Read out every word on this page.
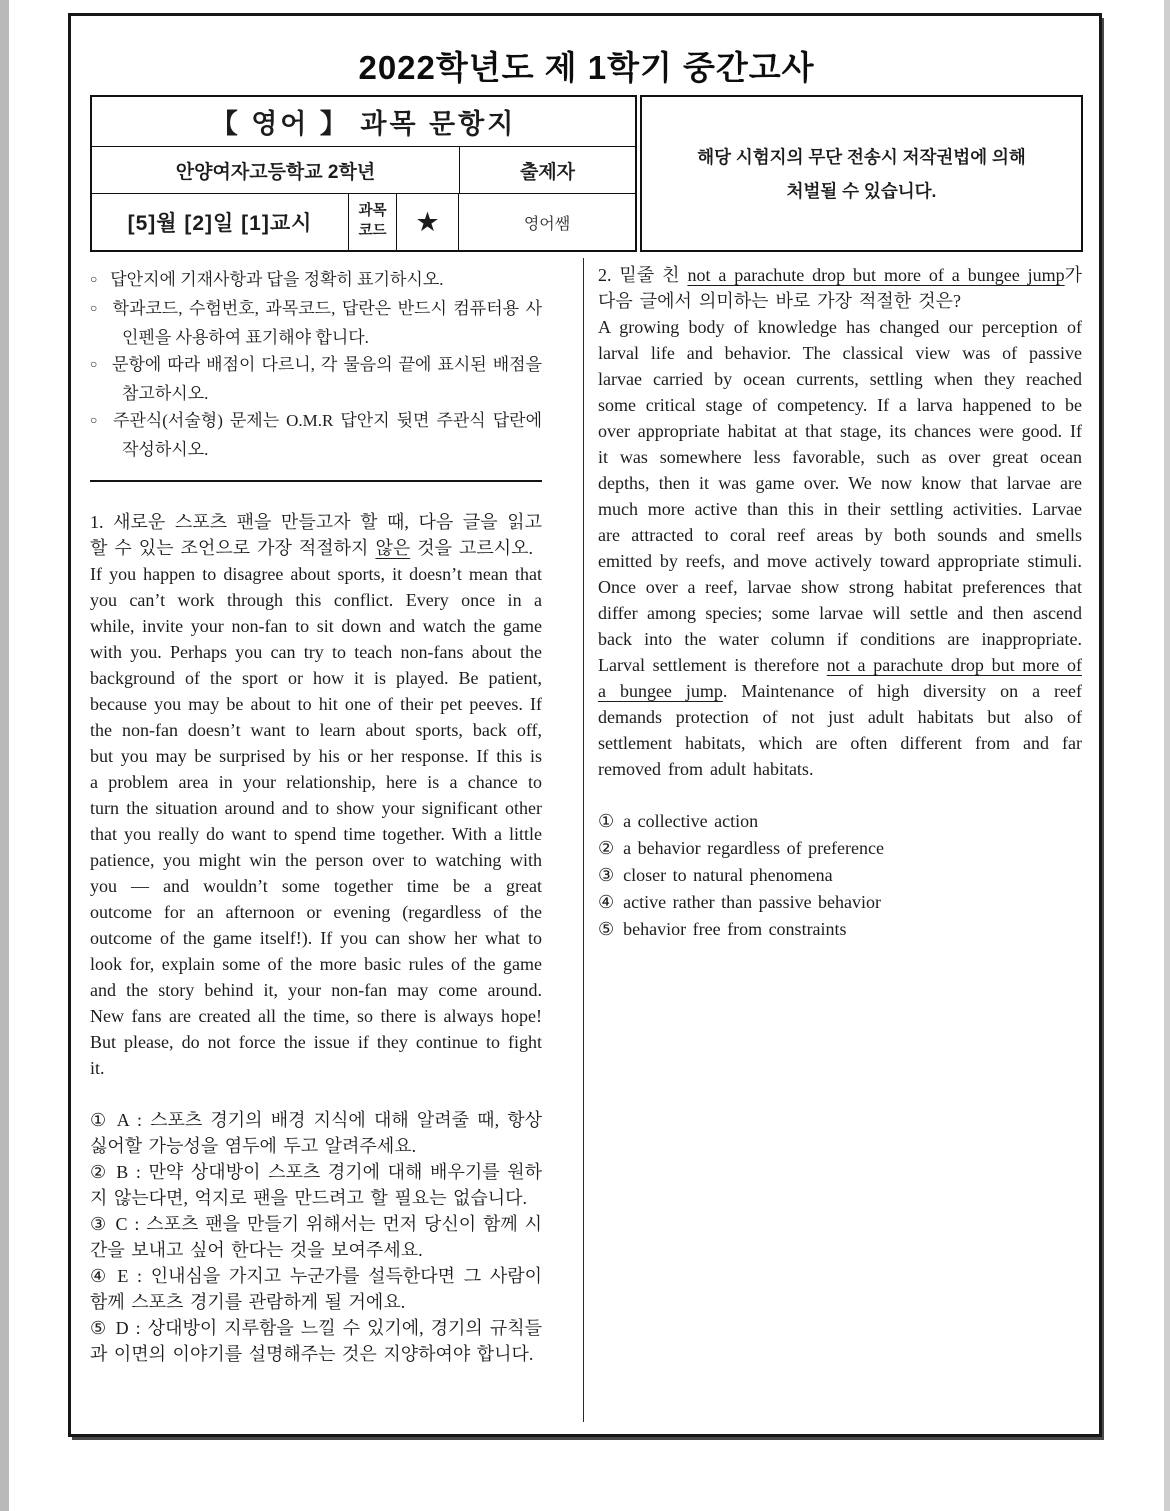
2022학년도 제 1학기 중간고사
【 영어 】 과목 문항지
안양여자고등학교 2학년	출제자
[5]월 [2]일 [1]교시
과목
코드 ★	영어쌤
해당 시험지의 무단 전송시 저작권법에 의해
처벌될 수 있습니다.
○ 답안지에 기재사항과 답을 정확히 표기하시오.
○ 학과코드, 수험번호, 과목코드, 답란은 반드시 컴퓨터용 사인펜을 사용하여 표기해야 합니다.
○ 문항에 따라 배점이 다르니, 각 물음의 끝에 표시된 배점을 참고하시오.
○ 주관식(서술형) 문제는 O.M.R 답안지 뒷면 주관식 답란에 작성하시오.

1. 새로운 스포츠 팬을 만들고자 할 때, 다음 글을 읽고 할 수 있는 조언으로 가장 적절하지 않은 것을 고르시오.

If you happen to disagree about sports, it doesn’t mean that you can’t work through this conflict. Every once in a while, invite your non-fan to sit down and watch the game with you. Perhaps you can try to teach non-fans about the background of the sport or how it is played. Be patient, because you may be about to hit one of their pet peeves. If the non-fan doesn’t want to learn about sports, back off, but you may be surprised by his or her response. If this is a problem area in your relationship, here is a chance to turn the situation around and to show your significant other that you really do want to spend time together. With a little patience, you might win the person over to watching with you — and wouldn’t some together time be a great outcome for an afternoon or evening (regardless of the outcome of the game itself!). If you can show her what to look for, explain some of the more basic rules of the game and the story behind it, your non-fan may come around. New fans are created all the time, so there is always hope! But please, do not force the issue if they continue to fight it.

① A : 스포츠 경기의 배경 지식에 대해 알려줄 때, 항상 싫어할 가능성을 염두에 두고 알려주세요.
② B : 만약 상대방이 스포츠 경기에 대해 배우기를 원하지 않는다면, 억지로 팬을 만드려고 할 필요는 없습니다.
③ C : 스포츠 팬을 만들기 위해서는 먼저 당신이 함께 시간을 보내고 싶어 한다는 것을 보여주세요.
④ E : 인내심을 가지고 누군가를 설득한다면 그 사람이 함께 스포츠 경기를 관람하게 될 거에요.
⑤ D : 상대방이 지루함을 느낄 수 있기에, 경기의 규칙들과 이면의 이야기를 설명해주는 것은 지양하여야 합니다.

2. 밑줄 친 not a parachute drop but more of a bungee jump가 다음 글에서 의미하는 바로 가장 적절한 것은?

A growing body of knowledge has changed our perception of larval life and behavior. The classical view was of passive larvae carried by ocean currents, settling when they reached some critical stage of competency. If a larva happened to be over appropriate habitat at that stage, its chances were good. If it was somewhere less favorable, such as over great ocean depths, then it was game over. We now know that larvae are much more active than this in their settling activities. Larvae are attracted to coral reef areas by both sounds and smells emitted by reefs, and move actively toward appropriate stimuli. Once over a reef, larvae show strong habitat preferences that differ among species; some larvae will settle and then ascend back into the water column if conditions are inappropriate. Larval settlement is therefore not a parachute drop but more of a bungee jump. Maintenance of high diversity on a reef demands protection of not just adult habitats but also of settlement habitats, which are often different from and far removed from adult habitats.

① a collective action
② a behavior regardless of preference
③ closer to natural phenomena
④ active rather than passive behavior
⑤ behavior free from constraints
